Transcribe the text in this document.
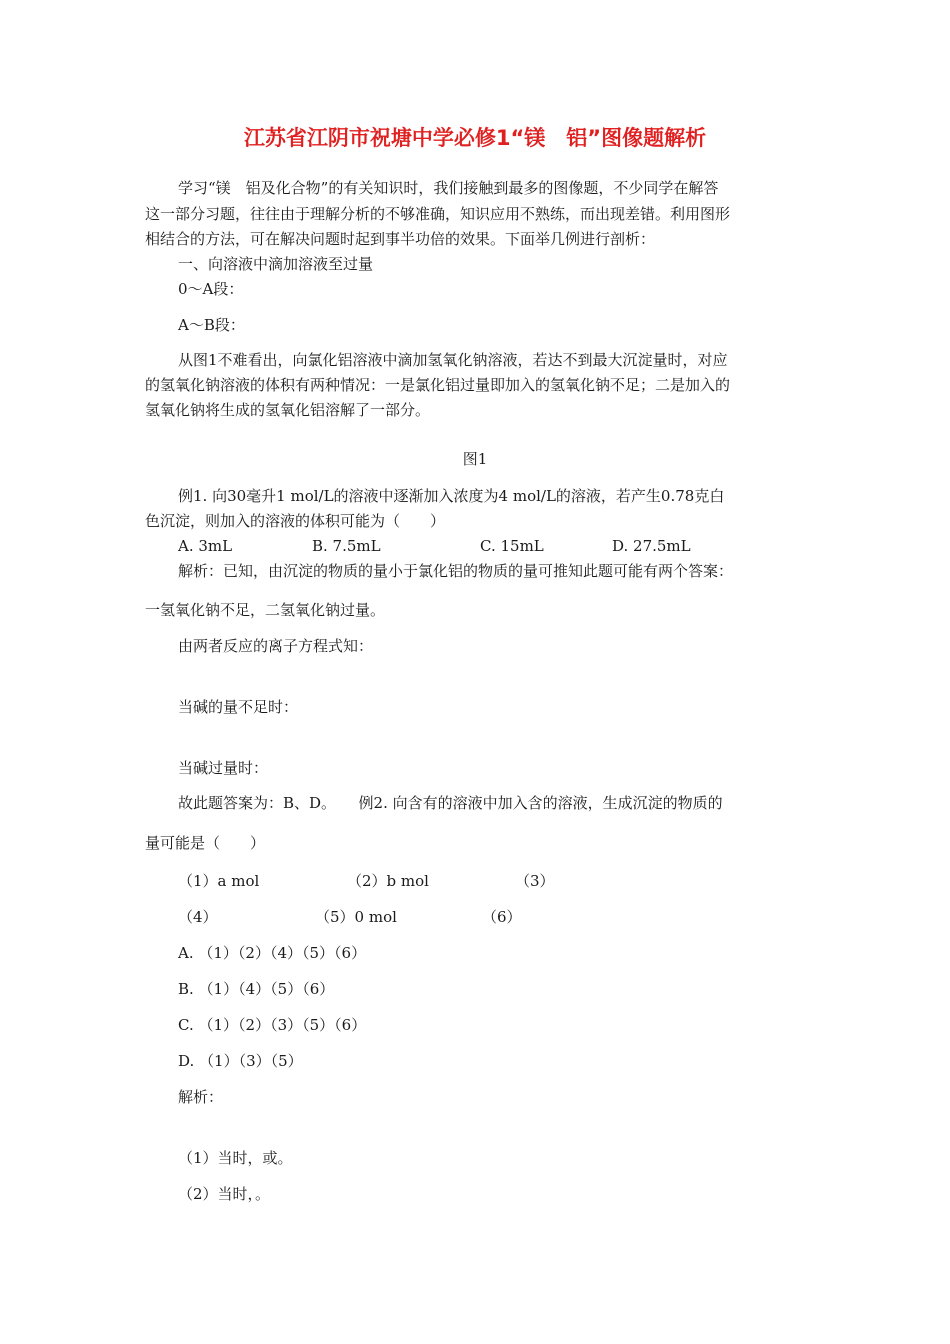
江苏省江阴市祝塘中学必修1“镁　铝”图像题解析
学习“镁　铝及化合物”的有关知识时，我们接触到最多的图像题，不少同学在解答
这一部分习题，往往由于理解分析的不够准确，知识应用不熟练，而出现差错。利用图形
相结合的方法，可在解决问题时起到事半功倍的效果。下面举几例进行剖析：
一、向溶液中滴加溶液至过量
0～A段：
A～B段：
从图1不难看出，向氯化铝溶液中滴加氢氧化钠溶液，若达不到最大沉淀量时，对应
的氢氧化钠溶液的体积有两种情况：一是氯化铝过量即加入的氢氧化钠不足；二是加入的
氢氧化钠将生成的氢氧化铝溶解了一部分。
图1
例1. 向30毫升1 mol/L的溶液中逐渐加入浓度为4 mol/L的溶液，若产生0.78克白
色沉淀，则加入的溶液的体积可能为（　　）
A. 3mL	B. 7.5mL	C. 15mL	D. 27.5mL
解析：已知，由沉淀的物质的量小于氯化铝的物质的量可推知此题可能有两个答案：
一氢氧化钠不足，二氢氧化钠过量。
由两者反应的离子方程式知：
当碱的量不足时：
当碱过量时：
故此题答案为：B、D。　　例2. 向含有的溶液中加入含的溶液，生成沉淀的物质的
量可能是（　　）
（1）a mol	（2）b mol	（3）
（4）	（5）0 mol	（6）
A. （1）（2）（4）（5）（6）
B. （1）（4）（5）（6）
C. （1）（2）（3）（5）（6）
D. （1）（3）（5）
解析：
（1）当时，或。
（2）当时，。
